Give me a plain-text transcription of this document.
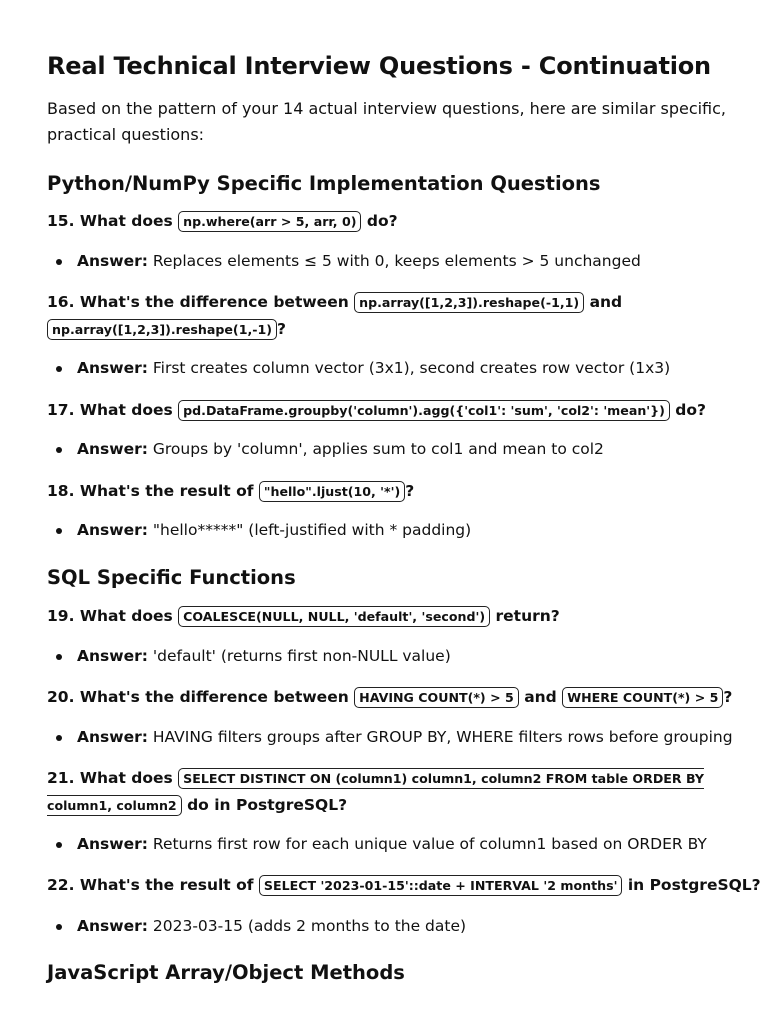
Real Technical Interview Questions - Continuation

Based on the pattern of your 14 actual interview questions, here are similar specific, practical questions:

Python/NumPy Specific Implementation Questions

15. What does np.where(arr > 5, arr, 0) do?

Answer: Replaces elements ≤ 5 with 0, keeps elements > 5 unchanged

16. What's the difference between np.array([1,2,3]).reshape(-1,1) and np.array([1,2,3]).reshape(1,-1) ?

Answer: First creates column vector (3x1), second creates row vector (1x3)

17. What does pd.DataFrame.groupby('column').agg({'col1': 'sum', 'col2': 'mean'}) do?

Answer: Groups by 'column', applies sum to col1 and mean to col2

18. What's the result of "hello".ljust(10, '*') ?

Answer: "hello*****" (left-justified with * padding)

SQL Specific Functions

19. What does COALESCE(NULL, NULL, 'default', 'second') return?

Answer: 'default' (returns first non-NULL value)

20. What's the difference between HAVING COUNT(*) > 5 and WHERE COUNT(*) > 5 ?

Answer: HAVING filters groups after GROUP BY, WHERE filters rows before grouping

21. What does SELECT DISTINCT ON (column1) column1, column2 FROM table ORDER BY column1, column2 do in PostgreSQL?

Answer: Returns first row for each unique value of column1 based on ORDER BY

22. What's the result of SELECT '2023-01-15'::date + INTERVAL '2 months' in PostgreSQL?

Answer: 2023-03-15 (adds 2 months to the date)

JavaScript Array/Object Methods
